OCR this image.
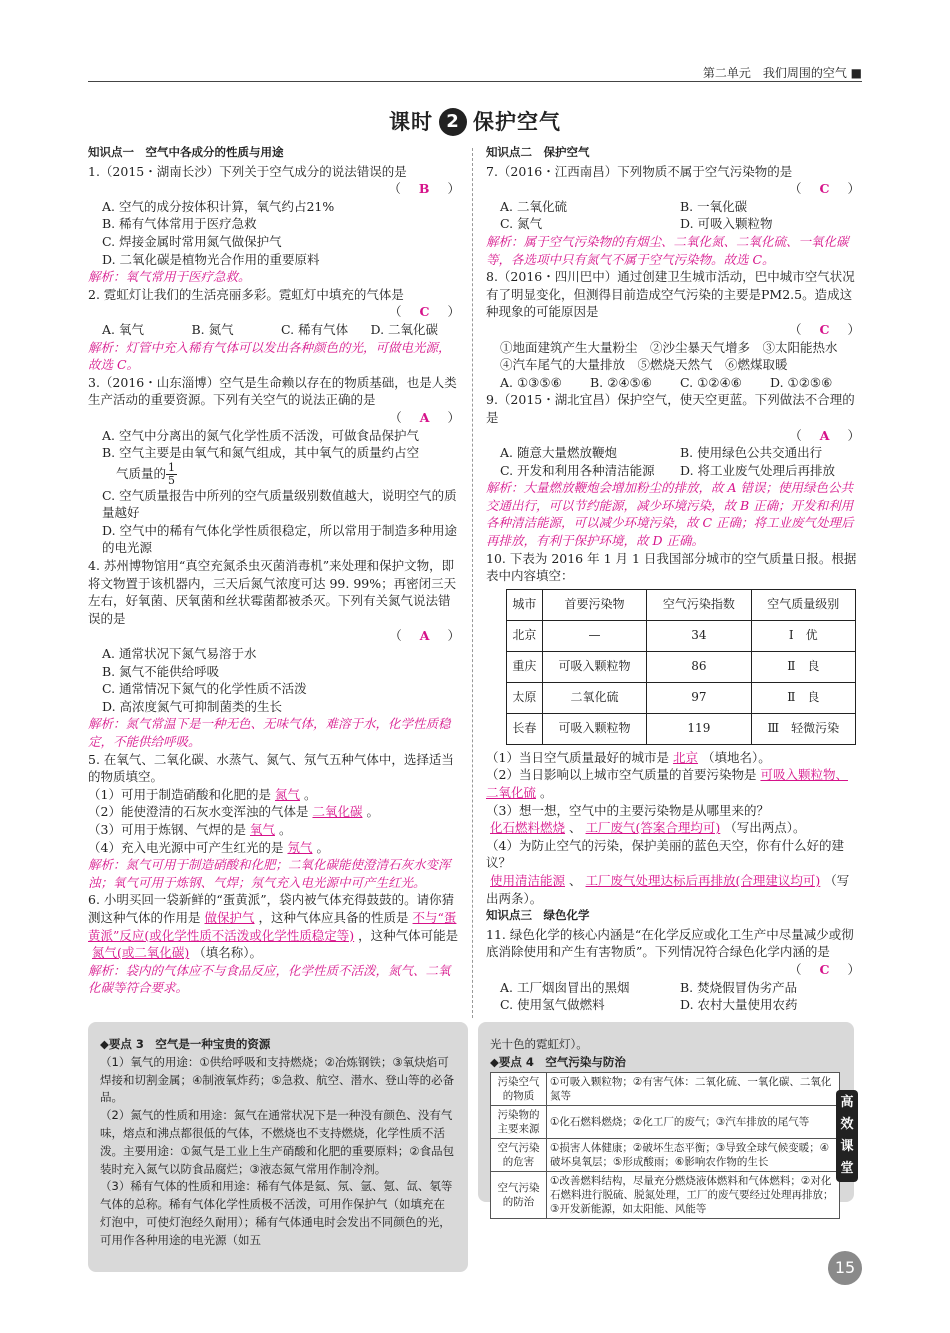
第二单元　我们周围的空气 ■
课时 2 保护空气
知识点一　空气中各成分的性质与用途
1.（2015・湖南长沙）下列关于空气成分的说法错误的是
（ B ）
A. 空气的成分按体积计算，氧气约占21%
B. 稀有气体常用于医疗急救
C. 焊接金属时常用氮气做保护气
D. 二氧化碳是植物光合作用的重要原料
解析：氧气常用于医疗急救。
2. 霓虹灯让我们的生活亮丽多彩。霓虹灯中填充的气体是
（ C ）
A. 氧气	B. 氮气	C. 稀有气体	D. 二氧化碳
解析：灯管中充入稀有气体可以发出各种颜色的光，可做电光源，故选 C。
3.（2016・山东淄博）空气是生命赖以存在的物质基础，也是人类生产活动的重要资源。下列有关空气的说法正确的是
（ A ）
A. 空气中分离出的氮气化学性质不活泼，可做食品保护气
B. 空气主要是由氧气和氮气组成，其中氧气的质量约占空
气质量的 $\frac{1}{5}$
C. 空气质量报告中所列的空气质量级别数值越大，说明空气的质量越好
D. 空气中的稀有气体化学性质很稳定，所以常用于制造多种用途的电光源
4. 苏州博物馆用“真空充氮杀虫灭菌消毒机”来处理和保护文物，即将文物置于该机器内，三天后氮气浓度可达 99. 99%；再密闭三天左右，好氧菌、厌氧菌和丝状霉菌都被杀灭。下列有关氮气说法错误的是
（ A ）
A. 通常状况下氮气易溶于水
B. 氮气不能供给呼吸
C. 通常情况下氮气的化学性质不活泼
D. 高浓度氮气可抑制菌类的生长
解析：氮气常温下是一种无色、无味气体，难溶于水，化学性质稳定，不能供给呼吸。
5. 在氧气、二氧化碳、水蒸气、氮气、氖气五种气体中，选择适当的物质填空。
（1）可用于制造硝酸和化肥的是 氮气 。
（2）能使澄清的石灰水变浑浊的气体是 二氧化碳 。
（3）可用于炼钢、气焊的是 氧气 。
（4）充入电光源中可产生红光的是 氖气 。
解析：氮气可用于制造硝酸和化肥；二氧化碳能使澄清石灰水变浑浊；氧气可用于炼钢、气焊；氖气充入电光源中可产生红光。
6. 小明买回一袋新鲜的“蛋黄派”，袋内被气体充得鼓鼓的。请你猜测这种气体的作用是 做保护气 ，这种气体应具备的性质是 不与“蛋黄派”反应(或化学性质不活泼或化学性质稳定等) ，这种气体可能是氮气(或二氧化碳) （填名称）。
解析：袋内的气体应不与食品反应，化学性质不活泼，氮气、二氧化碳等符合要求。
知识点二　保护空气
7.（2016・江西南昌）下列物质不属于空气污染物的是
（ C ）
A. 二氧化硫	B. 一氧化碳
C. 氮气	D. 可吸入颗粒物
解析：属于空气污染物的有烟尘、二氧化氮、二氧化硫、一氧化碳等，各选项中只有氮气不属于空气污染物。故选 C。
8.（2016・四川巴中）通过创建卫生城市活动，巴中城市空气状况有了明显变化，但测得目前造成空气污染的主要是PM2.5。造成这种现象的可能原因是
（ C ）
①地面建筑产生大量粉尘　②沙尘暴天气增多　③太阳能热水　④汽车尾气的大量排放　⑤燃烧天然气　⑥燃煤取暖
A. ①③⑤⑥	B. ②④⑤⑥	C. ①②④⑥	D. ①②⑤⑥
9.（2015・湖北宜昌）保护空气，使天空更蓝。下列做法不合理的是
（ A ）
A. 随意大量燃放鞭炮	B. 使用绿色公共交通出行
C. 开发和利用各种清洁能源	D. 将工业废气处理后再排放
解析：大量燃放鞭炮会增加粉尘的排放，故 A 错误；使用绿色公共交通出行，可以节约能源，减少环境污染，故 B 正确；开发和利用各种清洁能源，可以减少环境污染，故 C 正确；将工业废气处理后再排放，有利于保护环境，故 D 正确。
10. 下表为 2016 年 1 月 1 日我国部分城市的空气质量日报。根据表中内容填空：
城市	首要污染物	空气污染指数	空气质量级别
北京	—	34	Ⅰ　优
重庆	可吸入颗粒物	86	Ⅱ　良
太原	二氧化硫	97	Ⅱ　良
长春	可吸入颗粒物	119	Ⅲ　轻微污染
（1）当日空气质量最好的城市是 北京 （填地名）。
（2）当日影响以上城市空气质量的首要污染物是 可吸入颗粒物、二氧化硫 。
（3）想一想，空气中的主要污染物是从哪里来的？
化石燃料燃烧 、 工厂废气(答案合理均可) （写出两点）。
（4）为防止空气的污染，保护美丽的蓝色天空，你有什么好的建议？
使用清洁能源 、 工厂废气处理达标后再排放(合理建议均可) （写出两条）。
知识点三　绿色化学
11. 绿色化学的核心内涵是“在化学反应或化工生产中尽量减少或彻底消除使用和产生有害物质”。下列情况符合绿色化学内涵的是
（ C ）
A. 工厂烟囱冒出的黑烟	B. 焚烧假冒伪劣产品
C. 使用氢气做燃料	D. 农村大量使用农药
◆要点 3　空气是一种宝贵的资源
（1）氧气的用途：①供给呼吸和支持燃烧；②冶炼钢铁；③氧炔焰可焊接和切割金属；④制液氧炸药；⑤急救、航空、潜水、登山等的必备品。
（2）氮气的性质和用途：氮气在通常状况下是一种没有颜色、没有气味，熔点和沸点都很低的气体，不燃烧也不支持燃烧，化学性质不活泼。主要用途：①氮气是工业上生产硝酸和化肥的重要原料；②食品包装时充入氮气以防食品腐烂；③液态氮气常用作制冷剂。
（3）稀有气体的性质和用途：稀有气体是氦、氖、氩、氪、氙、氡等气体的总称。稀有气体化学性质极不活泼，可用作保护气（如填充在灯泡中，可使灯泡经久耐用）；稀有气体通电时会发出不同颜色的光，可用作各种用途的电光源（如五
光十色的霓虹灯）。
◆要点 4　空气污染与防治
污染空气的物质	①可吸入颗粒物；②有害气体：二氧化硫、一氧化碳、二氧化氮等
污染物的主要来源	①化石燃料燃烧；②化工厂的废气；③汽车排放的尾气等
空气污染的危害	①损害人体健康；②破坏生态平衡；③导致全球气候变暖；④破坏臭氧层；⑤形成酸雨；⑥影响农作物的生长
空气污染的防治	①改善燃料结构，尽量充分燃烧液体燃料和气体燃料；②对化石燃料进行脱硫、脱氮处理，工厂的废气要经过处理再排放；③开发新能源，如太阳能、风能等
高效课堂
15
